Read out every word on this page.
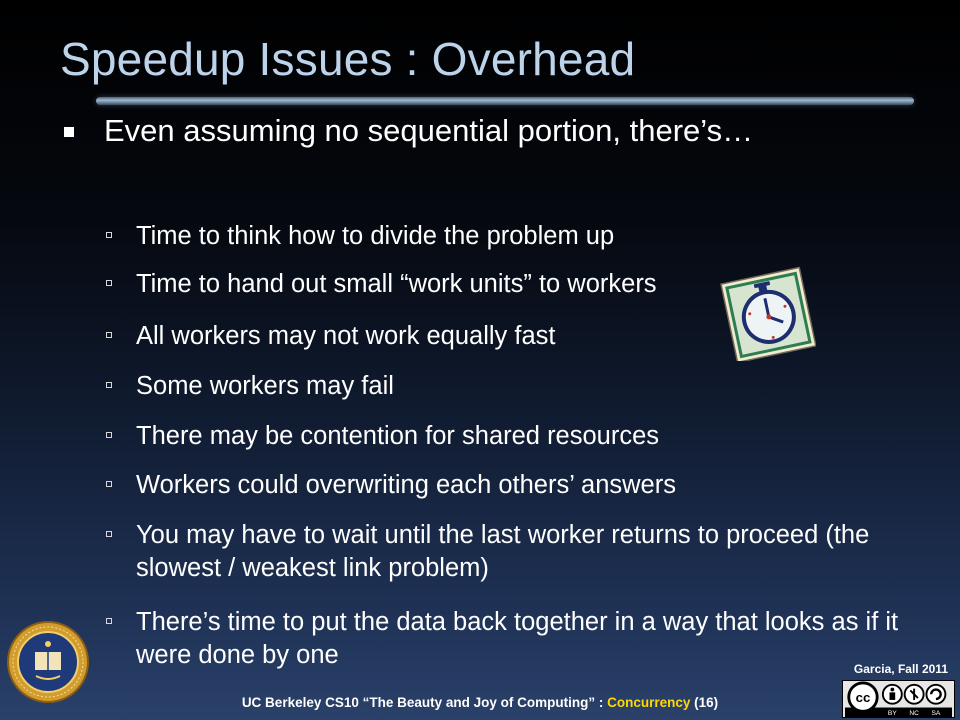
Speedup Issues : Overhead
Even assuming no sequential portion, there’s…
Time to think how to divide the problem up
Time to hand out small “work units” to workers
All workers may not work equally fast
Some workers may fail
There may be contention for shared resources
Workers could overwriting each others’ answers
You may have to wait until the last worker returns to proceed (the slowest / weakest link problem)
There’s time to put the data back together in a way that looks as if it were done by one	Garcia, Fall 2011
UC Berkeley CS10 “The Beauty and Joy of Computing” : Concurrency (16)	cc
BY NC SA
